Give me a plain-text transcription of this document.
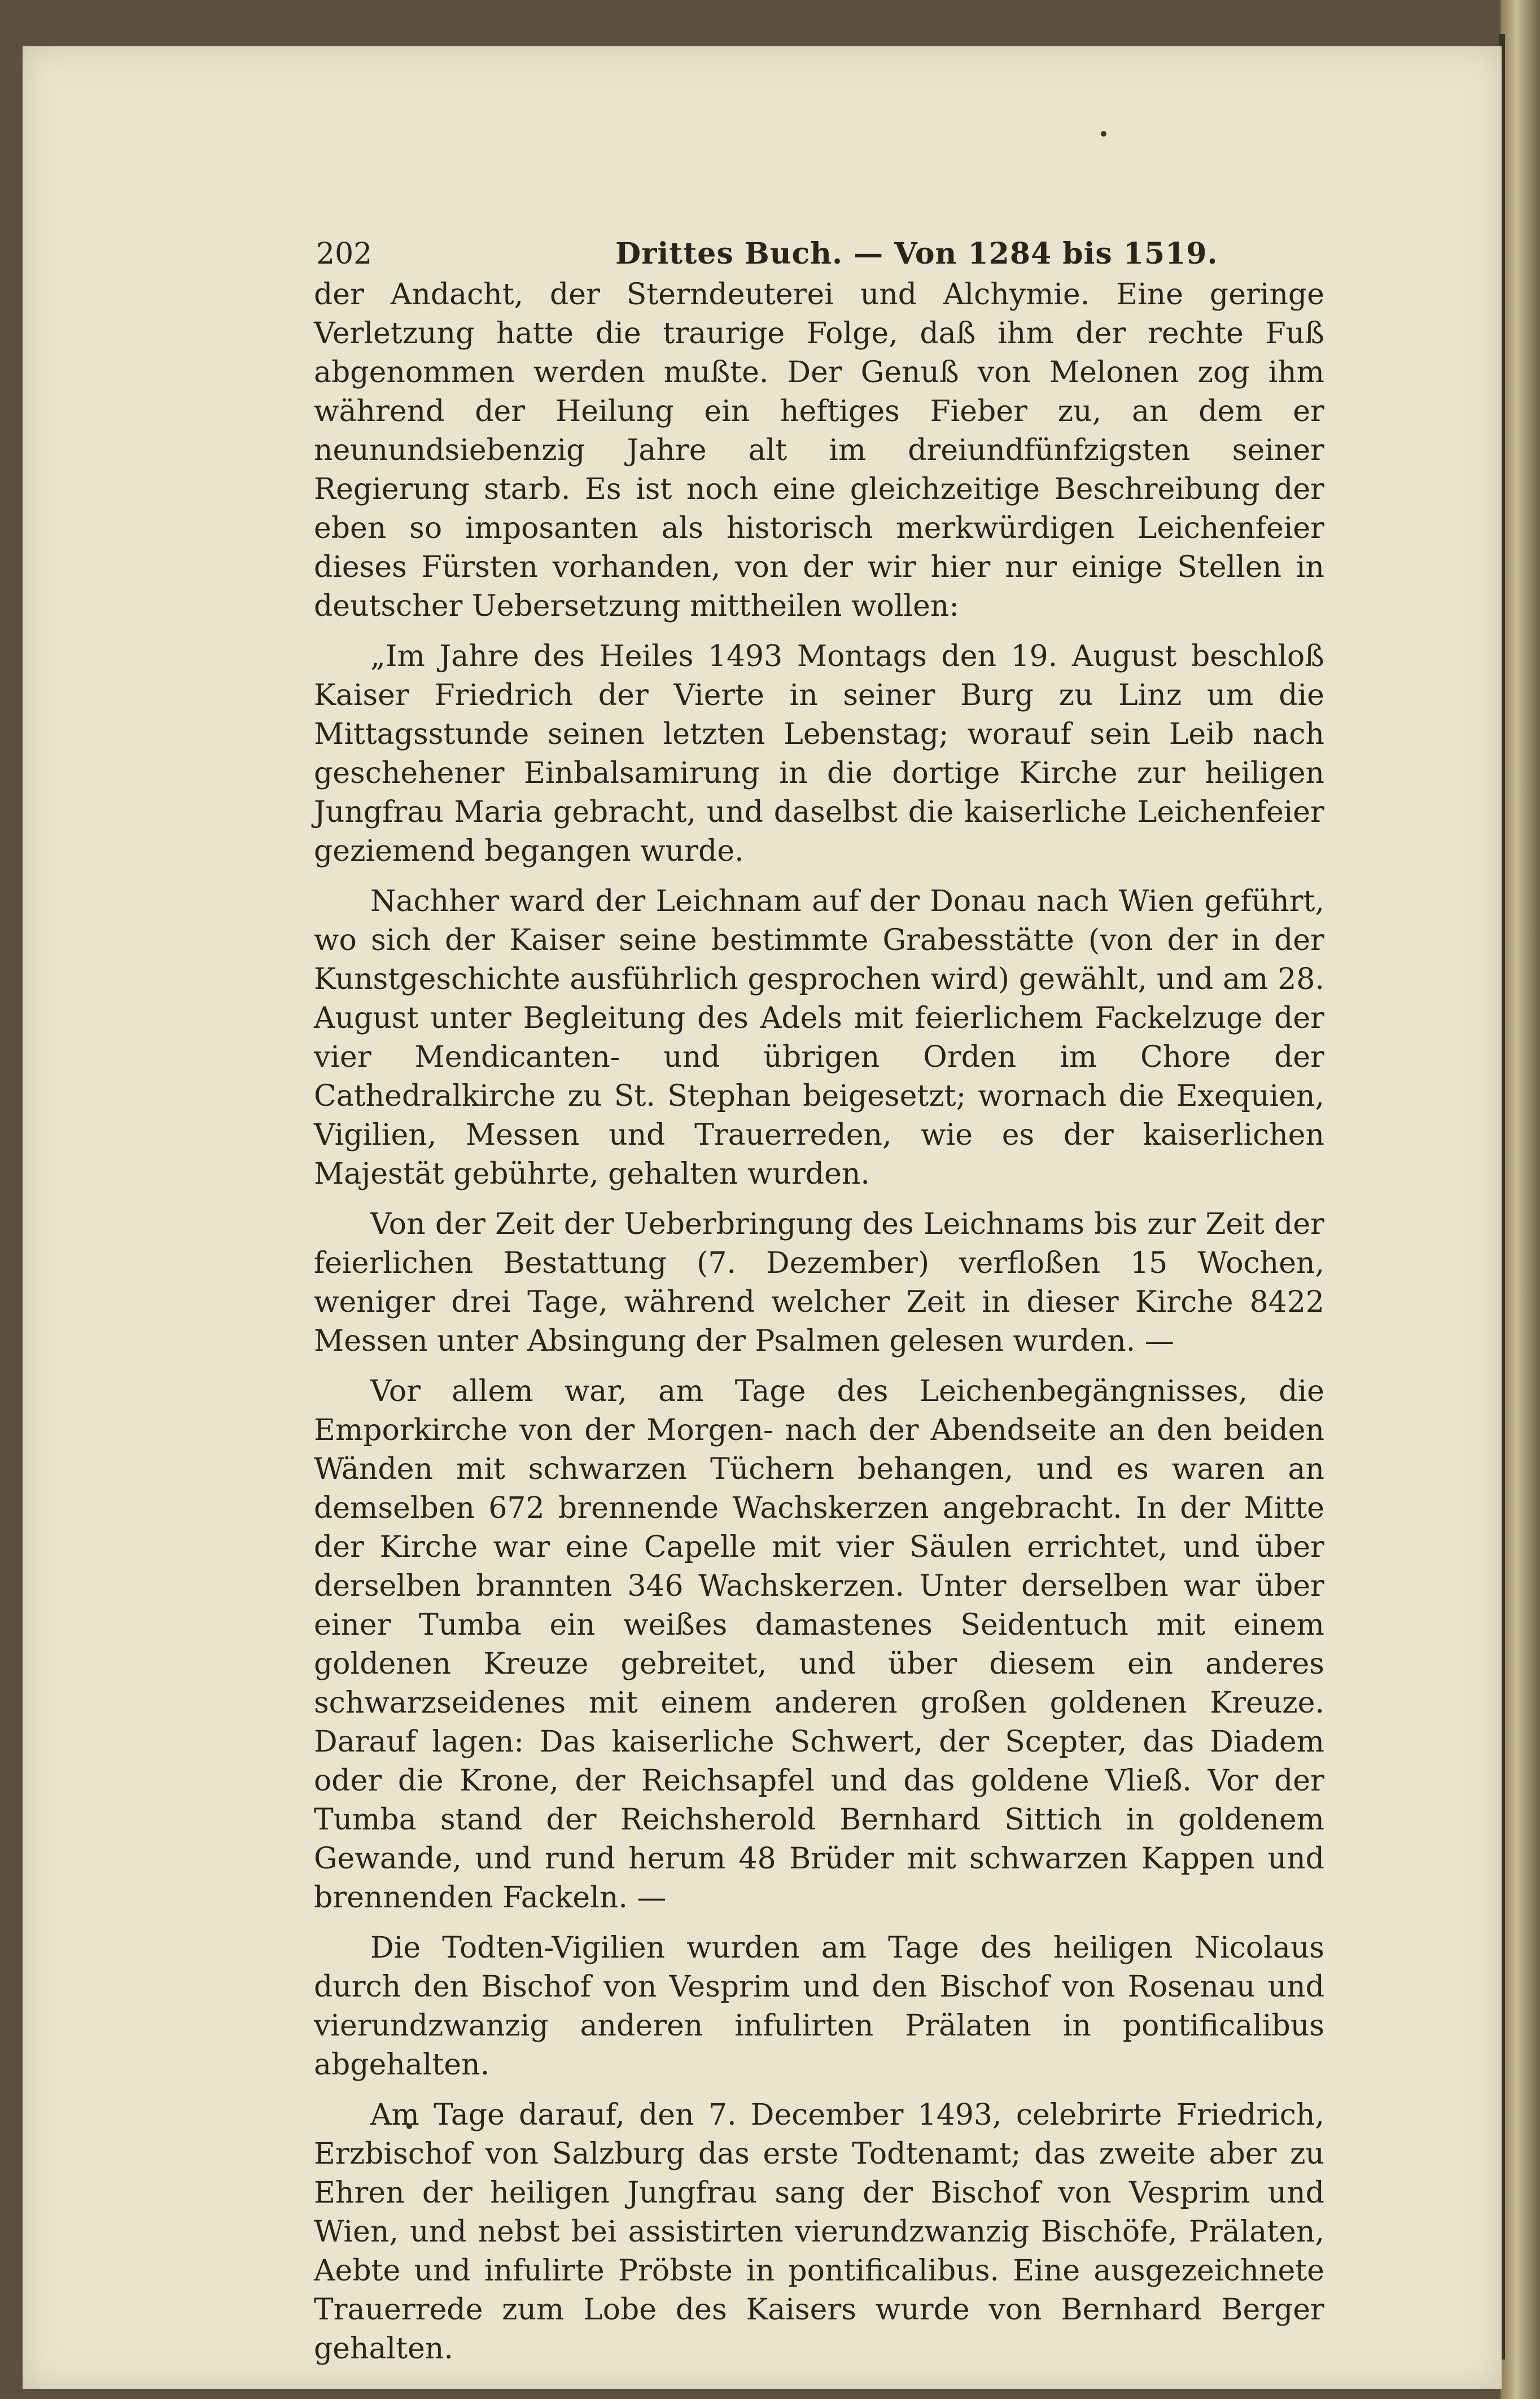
202	Drittes Buch. — Von 1284 bis 1519.

der Andacht, der Sterndeuterei und Alchymie. Eine geringe Verletzung hatte die traurige Folge, daß ihm der rechte Fuß abgenommen werden mußte. Der Genuß von Melonen zog ihm während der Heilung ein heftiges Fieber zu, an dem er neunundsiebenzig Jahre alt im dreiundfünfzigsten seiner Regierung starb. Es ist noch eine gleichzeitige Beschreibung der eben so imposanten als historisch merkwürdigen Leichenfeier dieses Fürsten vorhanden, von der wir hier nur einige Stellen in deutscher Uebersetzung mittheilen wollen:

„Im Jahre des Heiles 1493 Montags den 19. August beschloß Kaiser Friedrich der Vierte in seiner Burg zu Linz um die Mittagsstunde seinen letzten Lebenstag; worauf sein Leib nach geschehener Einbalsamirung in die dortige Kirche zur heiligen Jungfrau Maria gebracht, und daselbst die kaiserliche Leichenfeier geziemend begangen wurde.

Nachher ward der Leichnam auf der Donau nach Wien geführt, wo sich der Kaiser seine bestimmte Grabesstätte (von der in der Kunstgeschichte ausführlich gesprochen wird) gewählt, und am 28. August unter Begleitung des Adels mit feierlichem Fackelzuge der vier Mendicanten- und übrigen Orden im Chore der Cathedralkirche zu St. Stephan beigesetzt; wornach die Exequien, Vigilien, Messen und Trauerreden, wie es der kaiserlichen Majestät gebührte, gehalten wurden.

Von der Zeit der Ueberbringung des Leichnams bis zur Zeit der feierlichen Bestattung (7. Dezember) verfloßen 15 Wochen, weniger drei Tage, während welcher Zeit in dieser Kirche 8422 Messen unter Absingung der Psalmen gelesen wurden. —

Vor allem war, am Tage des Leichenbegängnisses, die Emporkirche von der Morgen- nach der Abendseite an den beiden Wänden mit schwarzen Tüchern behangen, und es waren an demselben 672 brennende Wachskerzen angebracht. In der Mitte der Kirche war eine Capelle mit vier Säulen errichtet, und über derselben brannten 346 Wachskerzen. Unter derselben war über einer Tumba ein weißes damastenes Seidentuch mit einem goldenen Kreuze gebreitet, und über diesem ein anderes schwarzseidenes mit einem anderen großen goldenen Kreuze. Darauf lagen: Das kaiserliche Schwert, der Scepter, das Diadem oder die Krone, der Reichsapfel und das goldene Vließ. Vor der Tumba stand der Reichsherold Bernhard Sittich in goldenem Gewande, und rund herum 48 Brüder mit schwarzen Kappen und brennenden Fackeln. —

Die Todten-Vigilien wurden am Tage des heiligen Nicolaus durch den Bischof von Vesprim und den Bischof von Rosenau und vierundzwanzig anderen infulirten Prälaten in pontificalibus abgehalten.

Am Tage darauf, den 7. December 1493, celebrirte Friedrich, Erzbischof von Salzburg das erste Todtenamt; das zweite aber zu Ehren der heiligen Jungfrau sang der Bischof von Vesprim und Wien, und nebst bei assistirten vierundzwanzig Bischöfe, Prälaten, Aebte und infulirte Pröbste in pontificalibus. Eine ausgezeichnete Trauerrede zum Lobe des Kaisers wurde von Bernhard Berger gehalten.
